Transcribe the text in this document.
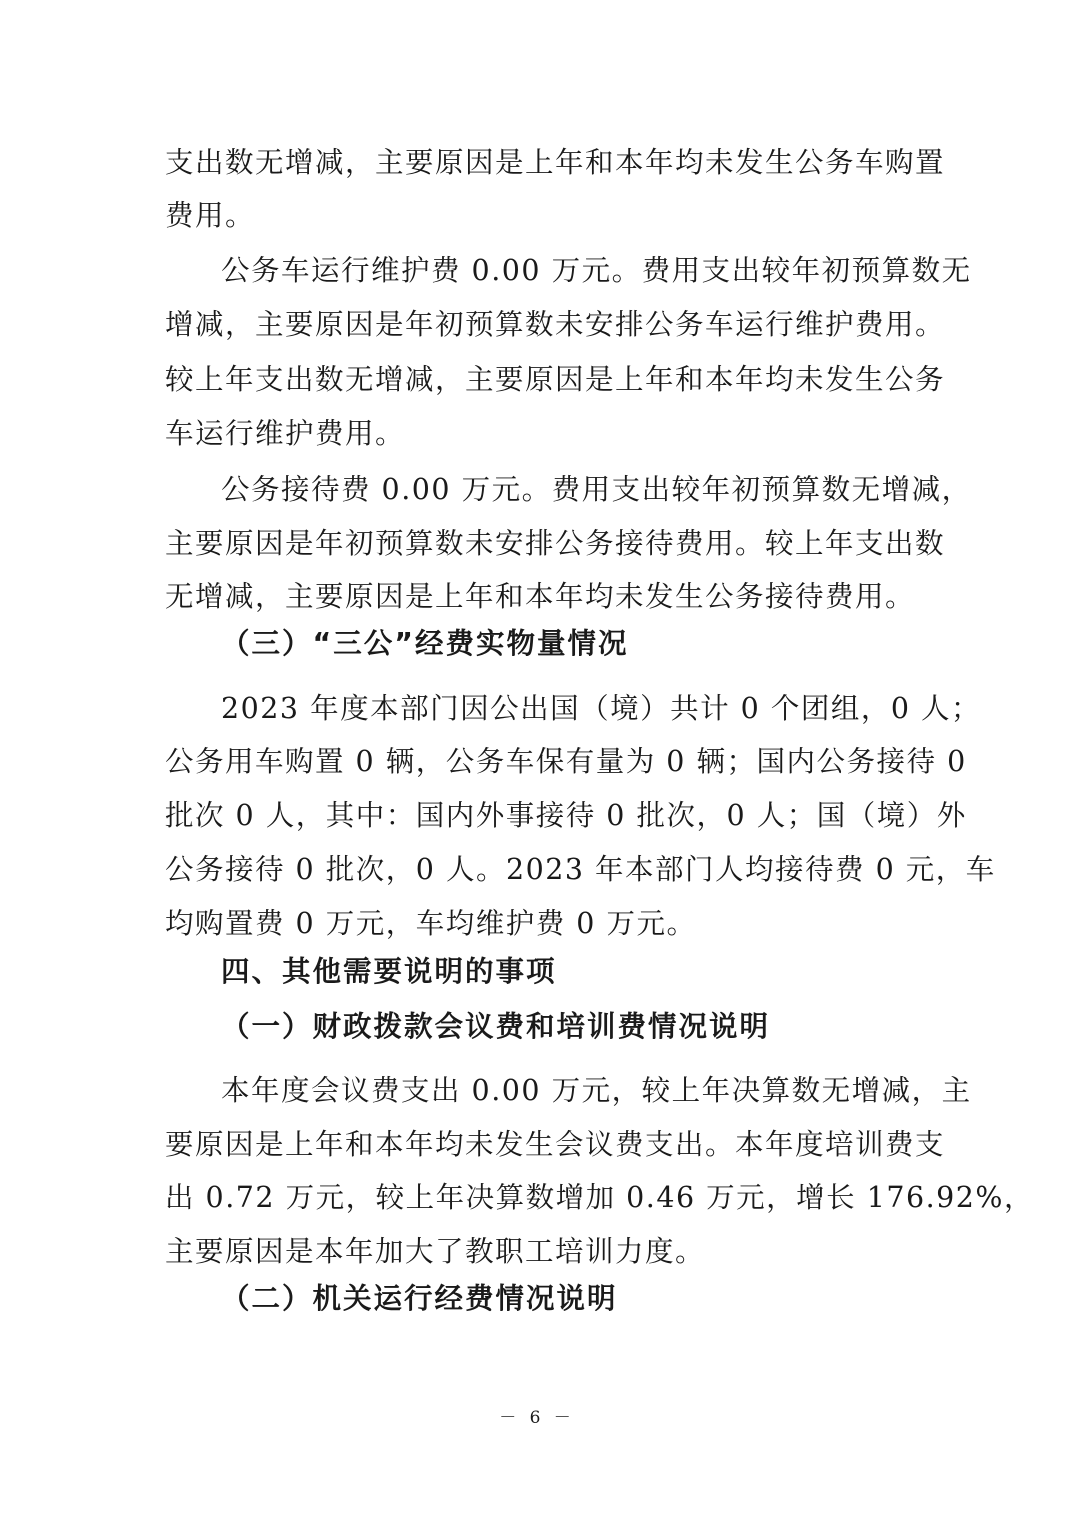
支出数无增减，主要原因是上年和本年均未发生公务车购置
费用。
公务车运行维护费 0.00 万元。费用支出较年初预算数无
增减，主要原因是年初预算数未安排公务车运行维护费用。
较上年支出数无增减，主要原因是上年和本年均未发生公务
车运行维护费用。
公务接待费 0.00 万元。费用支出较年初预算数无增减，
主要原因是年初预算数未安排公务接待费用。较上年支出数
无增减，主要原因是上年和本年均未发生公务接待费用。
（三）“三公”经费实物量情况
2023 年度本部门因公出国（境）共计 0 个团组，0 人；
公务用车购置 0 辆，公务车保有量为 0 辆；国内公务接待 0
批次 0 人，其中：国内外事接待 0 批次，0 人；国（境）外
公务接待 0 批次，0 人。2023 年本部门人均接待费 0 元，车
均购置费 0 万元，车均维护费 0 万元。
四、其他需要说明的事项
（一）财政拨款会议费和培训费情况说明
本年度会议费支出 0.00 万元，较上年决算数无增减，主
要原因是上年和本年均未发生会议费支出。本年度培训费支
出 0.72 万元，较上年决算数增加 0.46 万元，增长 176.92%，
主要原因是本年加大了教职工培训力度。
（二）机关运行经费情况说明
－ 6 －
